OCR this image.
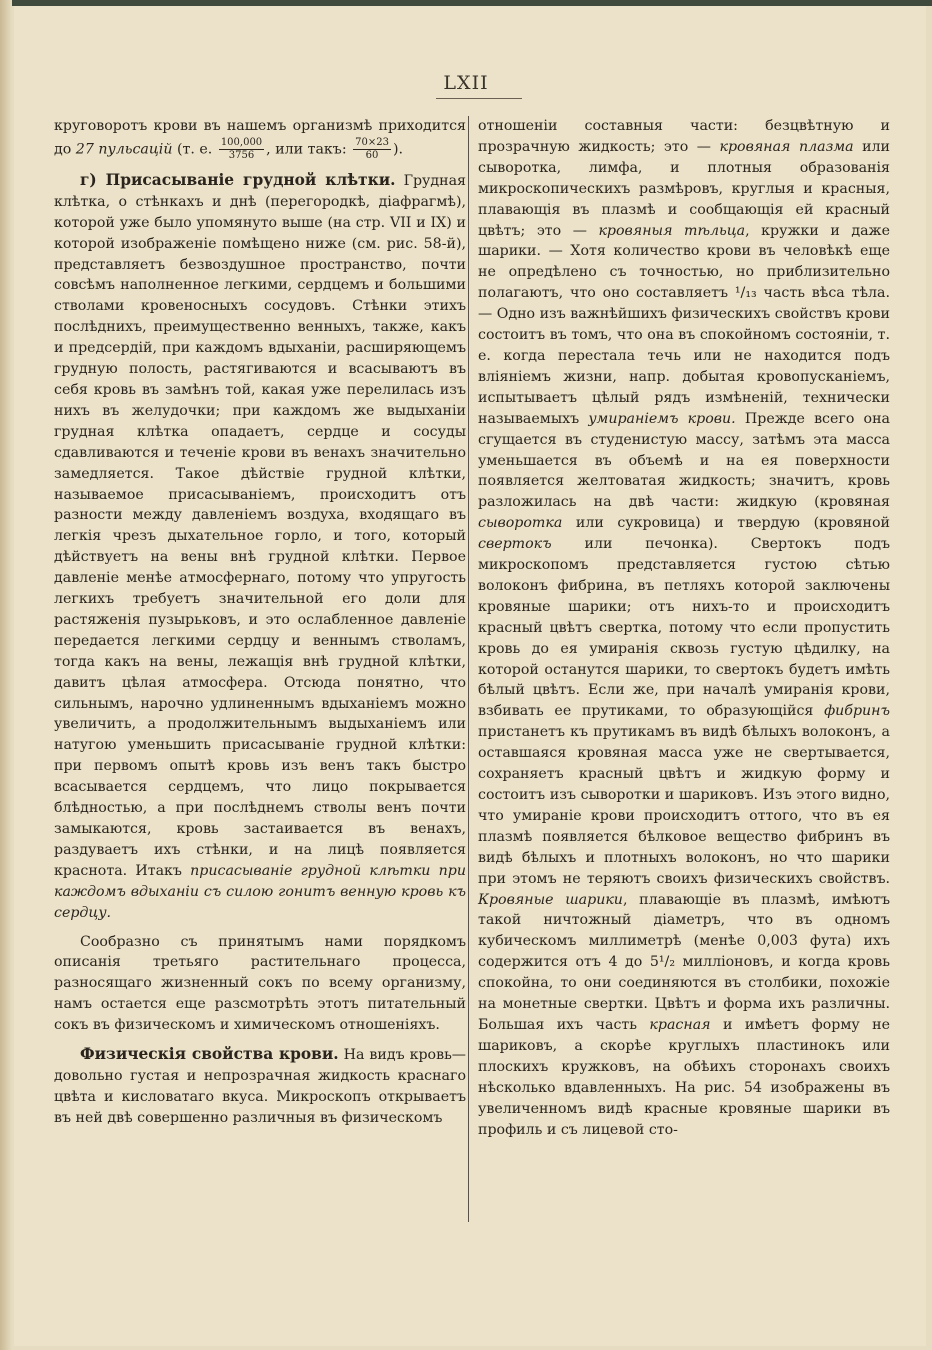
LXII

круговоротъ крови въ нашемъ организмѣ приходится до 27 пульсацій (т. е. $\frac{100,000}{3756}$ , или такъ: $\frac{70\times 23}{60}$ ).

г) Присасываніе грудной клѣтки. Грудная клѣтка, о стѣнкахъ и днѣ (перегородкѣ, діафрагмѣ), которой уже было упомянуто выше (на стр. VII и IX) и которой изображеніе помѣщено ниже (см. рис. 58-й), представляетъ безвоздушное пространство, почти совсѣмъ наполненное легкими, сердцемъ и большими стволами кровеносныхъ сосудовъ. Стѣнки этихъ послѣднихъ, преимущественно венныхъ, также, какъ и предсердій, при каждомъ вдыханіи, расширяющемъ грудную полость, растягиваются и всасываютъ въ себя кровь въ замѣнъ той, какая уже перелилась изъ нихъ въ желудочки; при каждомъ же выдыханіи грудная клѣтка опадаетъ, сердце и сосуды сдавливаются и теченіе крови въ венахъ значительно замедляется. Такое дѣйствіе грудной клѣтки, называемое присасываніемъ, происходитъ отъ разности между давленіемъ воздуха, входящаго въ легкія чрезъ дыхательное горло, и того, который дѣйствуетъ на вены внѣ грудной клѣтки. Первое давленіе менѣе атмосфернаго, потому что упругость легкихъ требуетъ значительной его доли для растяженія пузырьковъ, и это ослабленное давленіе передается легкими сердцу и веннымъ стволамъ, тогда какъ на вены, лежащія внѣ грудной клѣтки, давитъ цѣлая атмосфера. Отсюда понятно, что сильнымъ, нарочно удлиненнымъ вдыханіемъ можно увеличить, а продолжительнымъ выдыханіемъ или натугою уменьшить присасываніе грудной клѣтки: при первомъ опытѣ кровь изъ венъ такъ быстро всасывается сердцемъ, что лицо покрывается блѣдностью, а при послѣднемъ стволы венъ почти замыкаются, кровь застаивается въ венахъ, раздуваетъ ихъ стѣнки, и на лицѣ появляется краснота. Итакъ присасываніе грудной клѣтки при каждомъ вдыханіи съ силою гонитъ венную кровь къ сердцу.

Сообразно съ принятымъ нами порядкомъ описанія третьяго растительнаго процесса, разносящаго жизненный сокъ по всему организму, намъ остается еще разсмотрѣть этотъ питательный сокъ въ физическомъ и химическомъ отношеніяхъ.

Физическія свойства крови. На видъ кровь— довольно густая и непрозрачная жидкость краснаго цвѣта и кисловатаго вкуса. Микроскопъ открываетъ въ ней двѣ совершенно различныя въ физическомъ

отношеніи составныя части: безцвѣтную и прозрачную жидкость; это — кровяная плазма или сыворотка, лимфа, и плотныя образованія микроскопическихъ размѣровъ, круглыя и красныя, плавающія въ плазмѣ и сообщающія ей красный цвѣтъ; это — кровяныя тѣльца, кружки и даже шарики. — Хотя количество крови въ человѣкѣ еще не опредѣлено съ точностью, но приблизительно полагаютъ, что оно составляетъ ¹/₁₃ часть вѣса тѣла. — Одно изъ важнѣйшихъ физическихъ свойствъ крови состоитъ въ томъ, что она въ спокойномъ состояніи, т. е. когда перестала течь или не находится подъ вліяніемъ жизни, напр. добытая кровопусканіемъ, испытываетъ цѣлый рядъ измѣненій, технически называемыхъ умираніемъ крови. Прежде всего она сгущается въ студенистую массу, затѣмъ эта масса уменьшается въ объемѣ и на ея поверхности появляется желтоватая жидкость; значитъ, кровь разложилась на двѣ части: жидкую (кровяная сыворотка или сукровица) и твердую (кровяной свертокъ или печонка). Свертокъ подъ микроскопомъ представляется густою сѣтью волоконъ фибрина, въ петляхъ которой заключены кровяные шарики; отъ нихъ-то и происходитъ красный цвѣтъ свертка, потому что если пропустить кровь до ея умиранія сквозь густую цѣдилку, на которой останутся шарики, то свертокъ будетъ имѣть бѣлый цвѣтъ. Если же, при началѣ умиранія крови, взбивать ее прутиками, то образующійся фибринъ пристанетъ къ прутикамъ въ видѣ бѣлыхъ волоконъ, а оставшаяся кровяная масса уже не свертывается, сохраняетъ красный цвѣтъ и жидкую форму и состоитъ изъ сыворотки и шариковъ. Изъ этого видно, что умираніе крови происходитъ оттого, что въ ея плазмѣ появляется бѣлковое вещество фибринъ въ видѣ бѣлыхъ и плотныхъ волоконъ, но что шарики при этомъ не теряютъ своихъ физическихъ свойствъ. Кровяные шарики, плавающіе въ плазмѣ, имѣютъ такой ничтожный діаметръ, что въ одномъ кубическомъ миллиметрѣ (менѣе 0,003 фута) ихъ содержится отъ 4 до 5¹/₂ милліоновъ, и когда кровь спокойна, то они соединяются въ столбики, похожіе на монетные свертки. Цвѣтъ и форма ихъ различны. Большая ихъ часть красная и имѣетъ форму не шариковъ, а скорѣе круглыхъ пластинокъ или плоскихъ кружковъ, на обѣихъ сторонахъ своихъ нѣсколько вдавленныхъ. На рис. 54 изображены въ увеличенномъ видѣ красные кровяные шарики въ профиль и съ лицевой сто-
